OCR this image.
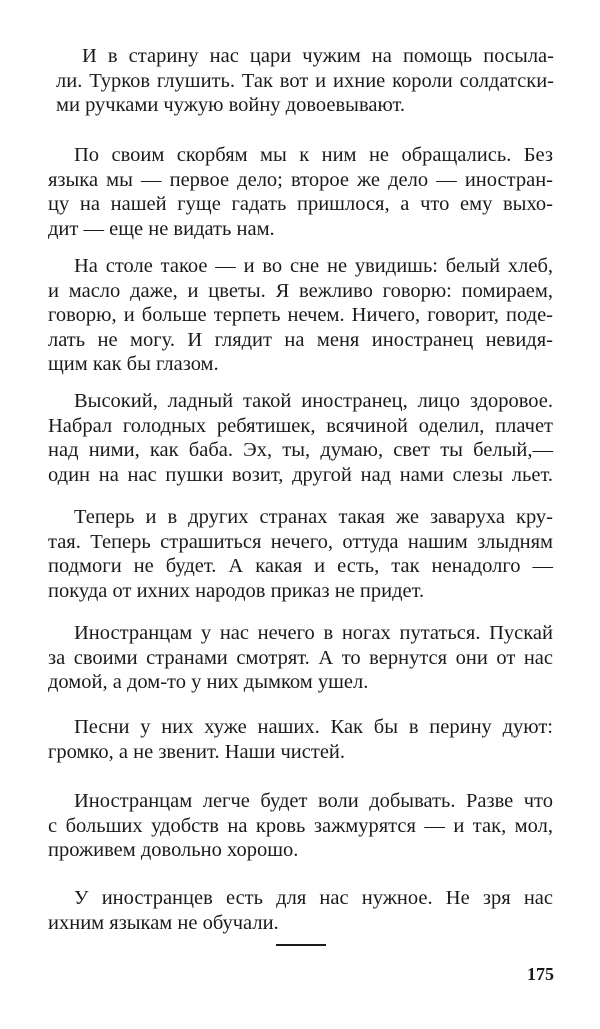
И в старину нас цари чужим на помощь посыла-
ли. Турков глушить. Так вот и ихние короли солдатски-
ми ручками чужую войну довоевывают.
По своим скорбям мы к ним не обращались. Без
языка мы — первое дело; второе же дело — иностран-
цу на нашей гуще гадать пришлося, а что ему выхо-
дит — еще не видать нам.
На столе такое — и во сне не увидишь: белый хлеб,
и масло даже, и цветы. Я вежливо говорю: помираем,
говорю, и больше терпеть нечем. Ничего, говорит, поде-
лать не могу. И глядит на меня иностранец невидя-
щим как бы глазом.
Высокий, ладный такой иностранец, лицо здоровое.
Набрал голодных ребятишек, всячиной оделил, плачет
над ними, как баба. Эх, ты, думаю, свет ты белый,—
один на нас пушки возит, другой над нами слезы льет.
Теперь и в других странах такая же заваруха кру-
тая. Теперь страшиться нечего, оттуда нашим злыдням
подмоги не будет. А какая и есть, так ненадолго —
покуда от ихних народов приказ не придет.
Иностранцам у нас нечего в ногах путаться. Пускай
за своими странами смотрят. А то вернутся они от нас
домой, а дом-то у них дымком ушел.
Песни у них хуже наших. Как бы в перину дуют:
громко, а не звенит. Наши чистей.
Иностранцам легче будет воли добывать. Разве что
с больших удобств на кровь зажмурятся — и так, мол,
проживем довольно хорошо.
У иностранцев есть для нас нужное. Не зря нас
ихним языкам не обучали.

175
